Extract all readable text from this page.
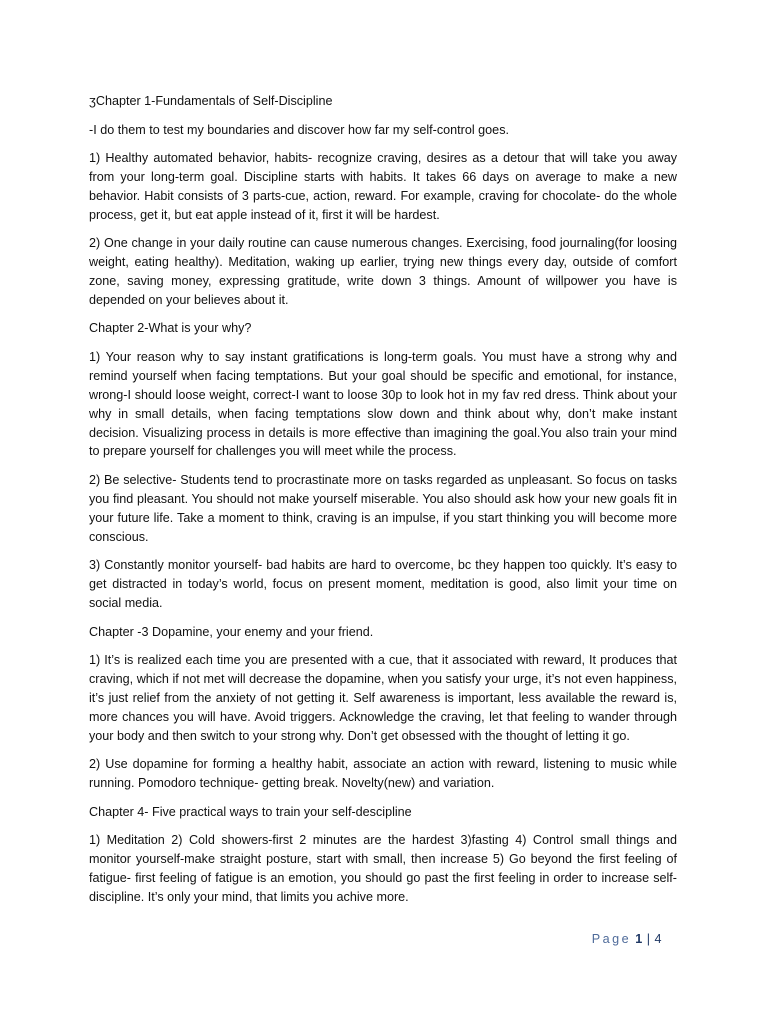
ʒChapter 1-Fundamentals of Self-Discipline

-I do them to test my boundaries and discover how far my self-control goes.

1) Healthy automated behavior, habits- recognize craving, desires as a detour that will take you away from your long-term goal. Discipline starts with habits. It takes 66 days on average to make a new behavior. Habit consists of 3 parts-cue, action, reward. For example, craving for chocolate- do the whole process, get it, but eat apple instead of it, first it will be hardest.

2) One change in your daily routine can cause numerous changes. Exercising, food journaling(for loosing weight, eating healthy). Meditation, waking up earlier, trying new things every day, outside of comfort zone, saving money, expressing gratitude, write down 3 things. Amount of willpower you have is depended on your believes about it.

Chapter 2-What is your why?

1) Your reason why to say instant gratifications is long-term goals. You must have a strong why and remind yourself when facing temptations. But your goal should be specific and emotional, for instance, wrong-I should loose weight, correct-I want to loose 30p to look hot in my fav red dress. Think about your why in small details, when facing temptations slow down and think about why, don’t make instant decision. Visualizing process in details is more effective than imagining the goal.You also train your mind to prepare yourself for challenges you will meet while the process.

2) Be selective- Students tend to procrastinate more on tasks regarded as unpleasant. So focus on tasks you find pleasant. You should not make yourself miserable. You also should ask how your new goals fit in your future life. Take a moment to think, craving is an impulse, if you start thinking you will become more conscious.

3) Constantly monitor yourself- bad habits are hard to overcome, bc they happen too quickly. It’s easy to get distracted in today’s world, focus on present moment, meditation is good, also limit your time on social media.

Chapter -3 Dopamine, your enemy and your friend.

1) It’s is realized each time you are presented with a cue, that it associated with reward, It produces that craving, which if not met will decrease the dopamine, when you satisfy your urge, it’s not even happiness, it’s just relief from the anxiety of not getting it. Self awareness is important, less available the reward is, more chances you will have. Avoid triggers. Acknowledge the craving, let that feeling to wander through your body and then switch to your strong why. Don’t get obsessed with the thought of letting it go.

2) Use dopamine for forming a healthy habit, associate an action with reward, listening to music while running. Pomodoro technique- getting break. Novelty(new) and variation.

Chapter 4- Five practical ways to train your self-descipline

1) Meditation 2) Cold showers-first 2 minutes are the hardest 3)fasting 4) Control small things and monitor yourself-make straight posture, start with small, then increase 5) Go beyond the first feeling of fatigue- first feeling of fatigue is an emotion, you should go past the first feeling in order to increase self-discipline. It’s only your mind, that limits you achive more.

Page 1 | 4
